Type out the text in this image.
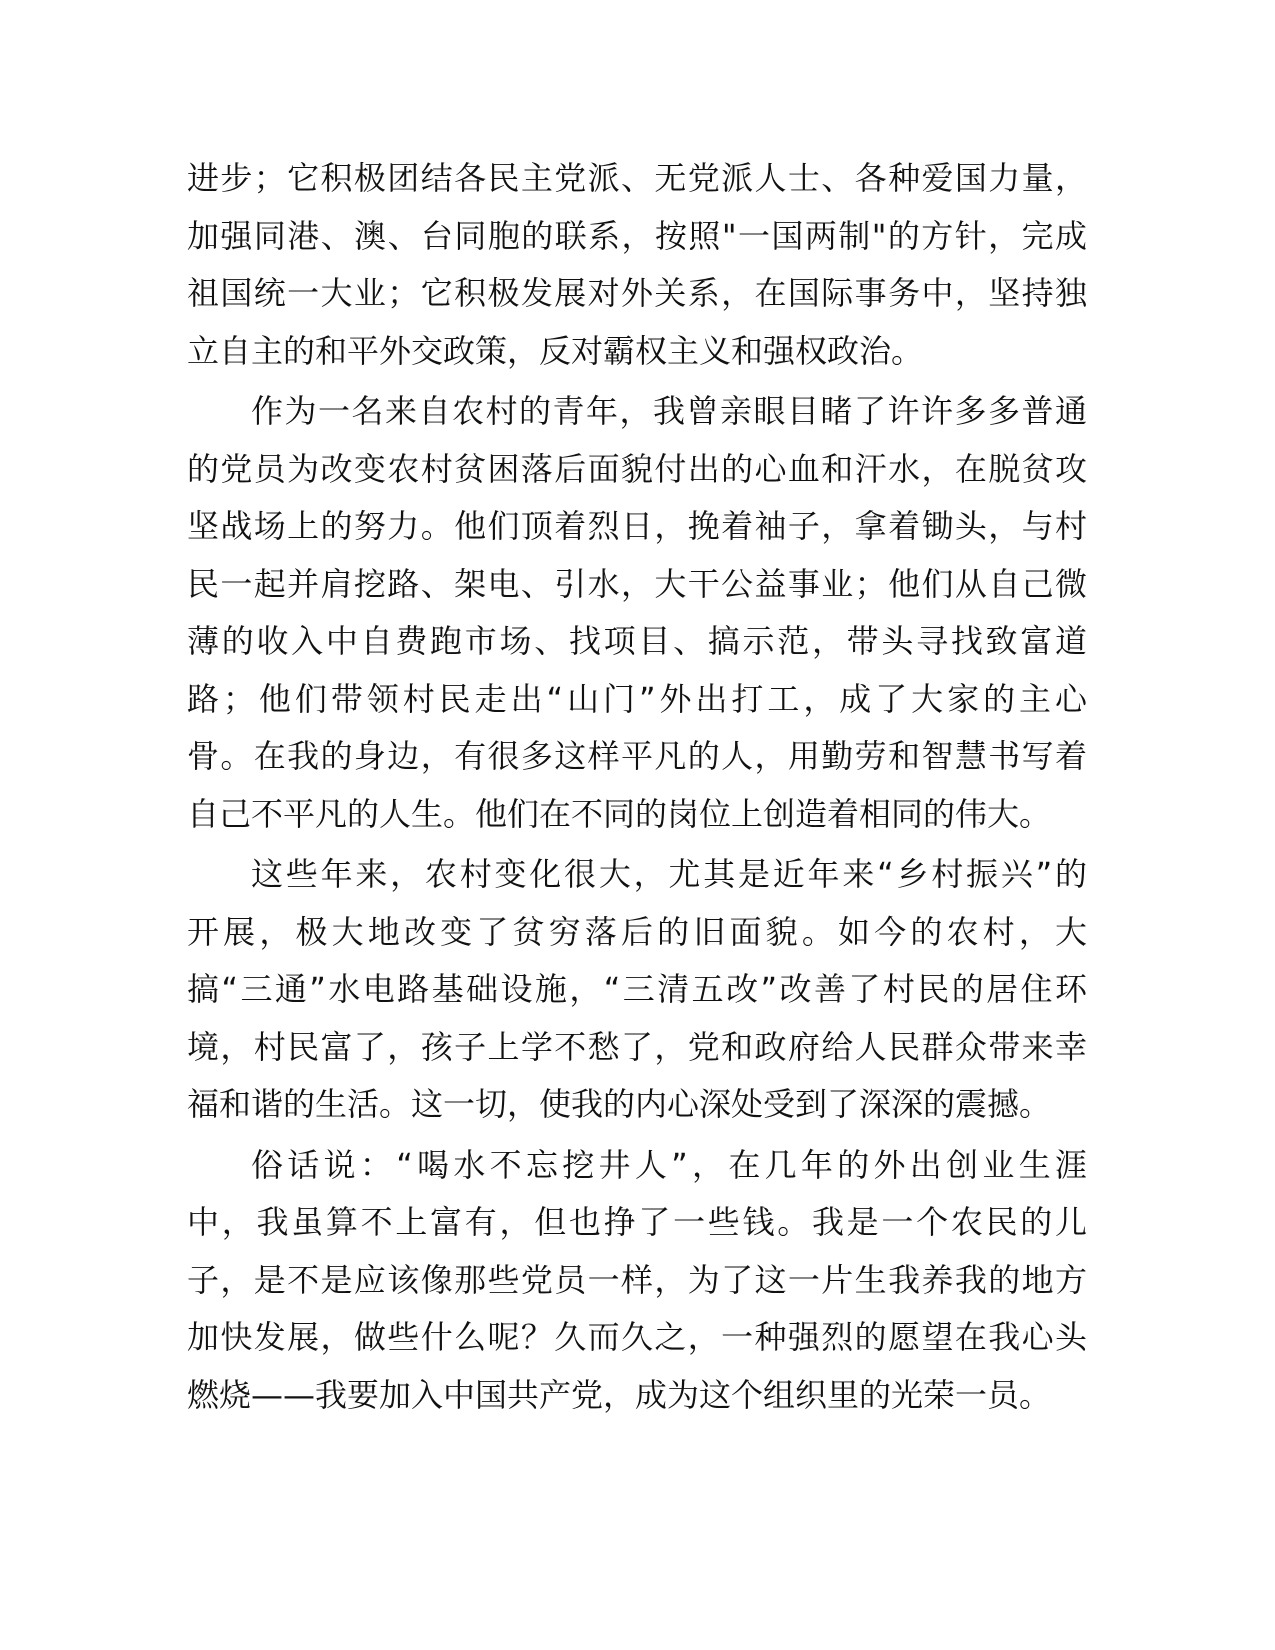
进步；它积极团结各民主党派、无党派人士、各种爱国力量，
加强同港、澳、台同胞的联系，按照"一国两制"的方针，完成
祖国统一大业；它积极发展对外关系，在国际事务中，坚持独
立自主的和平外交政策，反对霸权主义和强权政治。
作为一名来自农村的青年，我曾亲眼目睹了许许多多普通
的党员为改变农村贫困落后面貌付出的心血和汗水，在脱贫攻
坚战场上的努力。他们顶着烈日，挽着袖子，拿着锄头，与村
民一起并肩挖路、架电、引水，大干公益事业；他们从自己微
薄的收入中自费跑市场、找项目、搞示范，带头寻找致富道
路；他们带领村民走出“山门”外出打工，成了大家的主心
骨。在我的身边，有很多这样平凡的人，用勤劳和智慧书写着
自己不平凡的人生。他们在不同的岗位上创造着相同的伟大。
这些年来，农村变化很大，尤其是近年来“乡村振兴”的
开展，极大地改变了贫穷落后的旧面貌。如今的农村，大
搞“三通”水电路基础设施，“三清五改”改善了村民的居住环
境，村民富了，孩子上学不愁了，党和政府给人民群众带来幸
福和谐的生活。这一切，使我的内心深处受到了深深的震撼。
俗话说：“喝水不忘挖井人”，在几年的外出创业生涯
中，我虽算不上富有，但也挣了一些钱。我是一个农民的儿
子，是不是应该像那些党员一样，为了这一片生我养我的地方
加快发展，做些什么呢？久而久之，一种强烈的愿望在我心头
燃烧——我要加入中国共产党，成为这个组织里的光荣一员。
